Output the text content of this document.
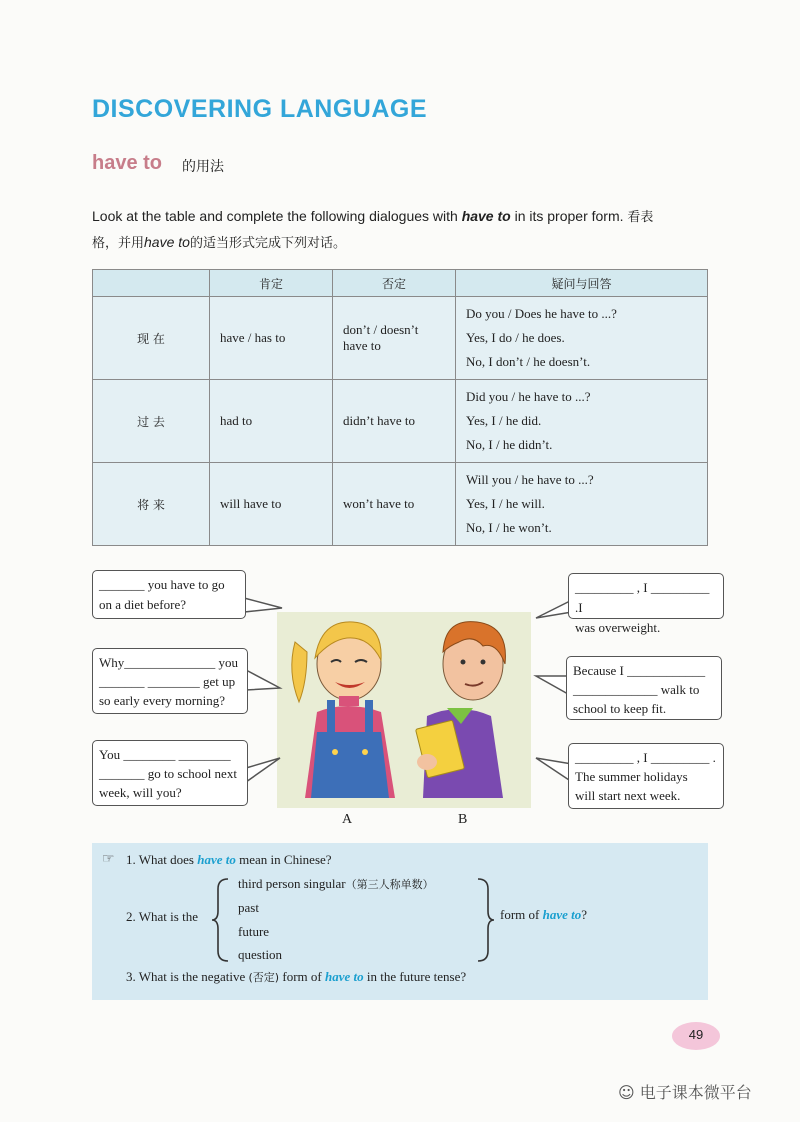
DISCOVERING LANGUAGE
have to 的用法
Look at the table and complete the following dialogues with have to in its proper form. 看表
格，并用have to的适当形式完成下列对话。
	肯定	否定	疑问与回答
现 在	have / has to	don’t / doesn’t have to	Do you / Does he have to ...?
Yes, I do / he does.
No, I don’t / he doesn’t.

过 去	had to	didn’t have to	Did you / he have to ...?
Yes, I / he did.
No, I / he didn’t.

将 来	will have to	won’t have to	Will you / he have to ...?
Yes, I / he will.
No, I / he won’t.
A	B
_______ you have to go
on a diet before?
Why______________ you
_______ ________ get up
so early every morning?
You ________ ________
_______ go to school next
week, will you?
_________ , I _________ .I
was overweight.
Because I ____________
_____________ walk to
school to keep fit.
_________ , I _________ .
The summer holidays
will start next week.
☞ 1. What does have to mean in Chinese?
2. What is the
third person singular（第三人称单数）
past
future
question
form of have to?
3. What is the negative (否定) form of have to in the future tense?
49
☺ 电子课本微平台
